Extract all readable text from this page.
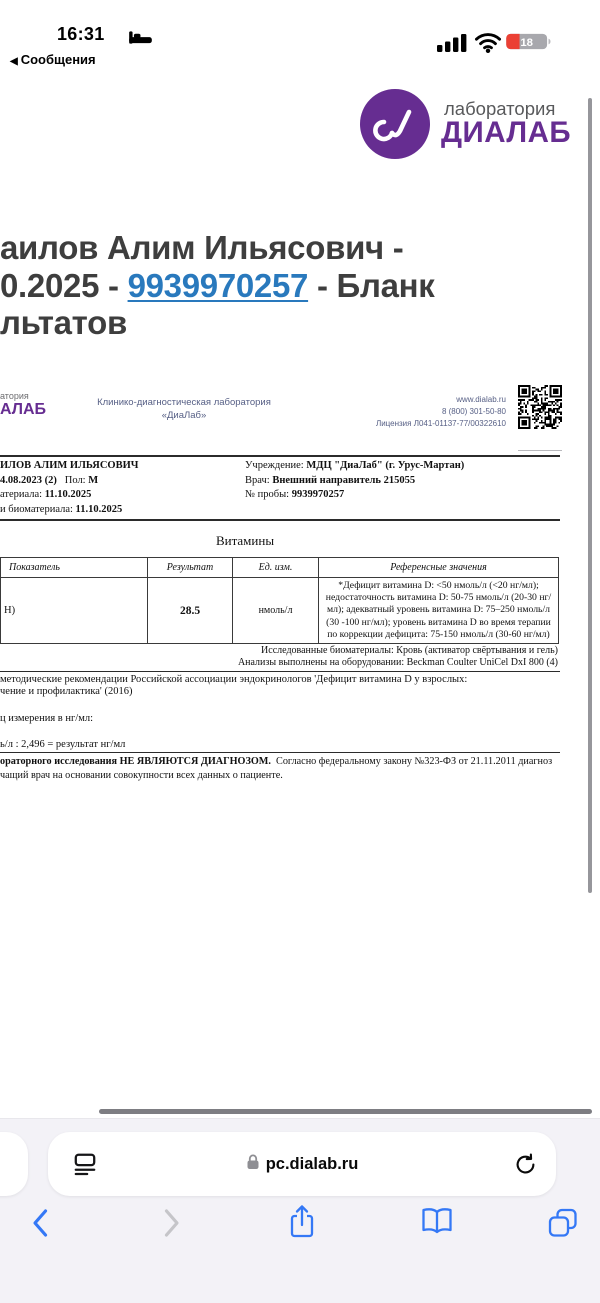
16:31
◀ Сообщения
18
лаборатория
ДИАЛАБ
аилов Алим Ильясович -
0.2025 - 9939970257 - Бланк
льтатов
атория
АЛАБ	Клинико-диагностическая лаборатория
«ДиаЛаб»
www.dialab.ru
8 (800) 301-50-80
Лицензия Л041-01137-77/00322610
ИЛОВ АЛИМ ИЛЬЯСОВИЧ
4.08.2023 (2)   Пол: М
атериала: 11.10.2025
и биоматериала: 11.10.2025
Учреждение: МДЦ "ДиаЛаб" (г. Урус-Мартан)
Врач: Внешний направитель 215055
№ пробы: 9939970257
Витамины
Показатель	Результат	Ед. изм.	Референсные значения
Н)	28.5	нмоль/л	*Дефицит витамина D: <50 нмоль/л (<20 нг/мл); недостаточность витамина D: 50-75 нмоль/л (20-30 нг/мл); адекватный уровень витамина D: 75–250 нмоль/л (30 -100 нг/мл); уровень витамина D во время терапии по коррекции дефицита: 75-150 нмоль/л (30-60 нг/мл)
Исследованные биоматериалы: Кровь (активатор свёртывания и гель)
Анализы выполнены на оборудовании: Beckman Coulter UniCel DxI 800 (4)
методические рекомендации Российской ассоциации эндокринологов 'Дефицит витамина D у взрослых:
чение и профилактика' (2016)
ц измерения в нг/мл:
ь/л : 2,496 = результат нг/мл
ораторного исследования НЕ ЯВЛЯЮТСЯ ДИАГНОЗОМ.  Согласно федеральному закону №323-ФЗ от 21.11.2011 диагноз
чащий врач на основании совокупности всех данных о пациенте.
pc.dialab.ru
